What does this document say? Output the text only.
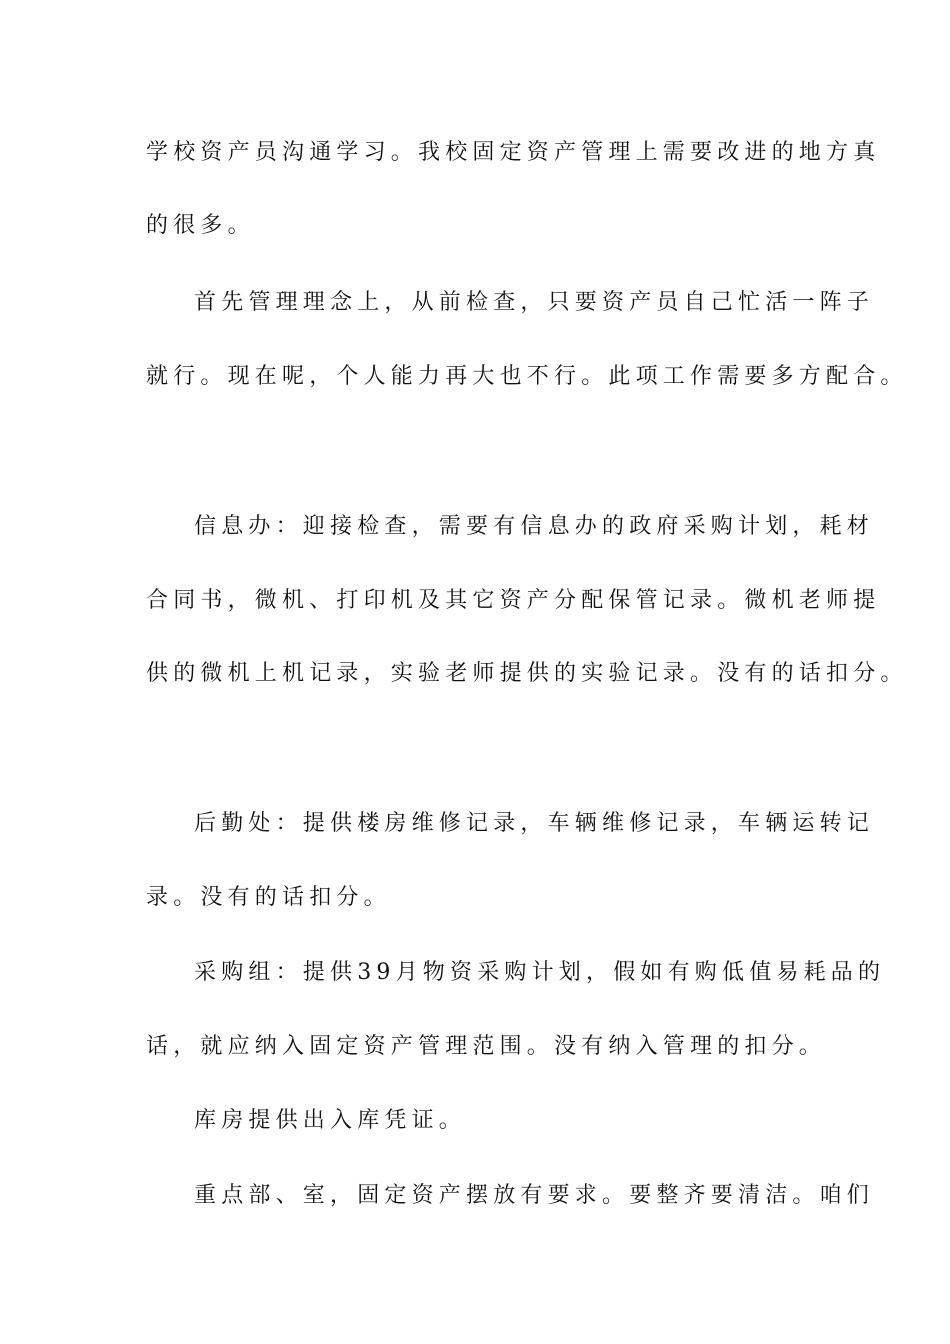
学校资产员沟通学习。我校固定资产管理上需要改进的地方真
的很多。
首先管理理念上，从前检查，只要资产员自己忙活一阵子
就行。现在呢，个人能力再大也不行。此项工作需要多方配合。
信息办：迎接检查，需要有信息办的政府采购计划，耗材
合同书，微机、打印机及其它资产分配保管记录。微机老师提
供的微机上机记录，实验老师提供的实验记录。没有的话扣分。
后勤处：提供楼房维修记录，车辆维修记录，车辆运转记
录。没有的话扣分。
采购组：提供39月物资采购计划，假如有购低值易耗品的
话，就应纳入固定资产管理范围。没有纳入管理的扣分。
库房提供出入库凭证。
重点部、室，固定资产摆放有要求。要整齐要清洁。咱们
